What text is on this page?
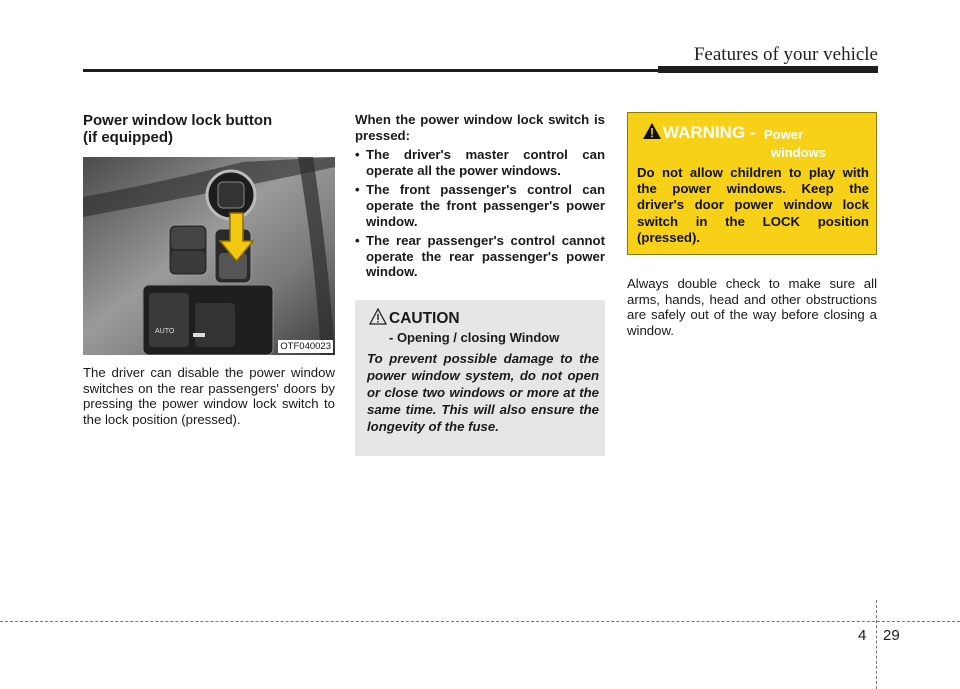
Features of your vehicle
Power window lock button
(if equipped)
AUTO
OTF040023

The driver can disable the power window switches on the rear passengers' doors by pressing the power window lock switch to the lock position (pressed).

When the power window lock switch is pressed:

• The driver's master control can operate all the power windows.
• The front passenger's control can operate the front passenger's power window.
• The rear passenger's control cannot operate the rear passenger's power window.
CAUTION
- Opening / closing Window

To prevent possible damage to the power window system, do not open or close two windows or more at the same time. This will also ensure the longevity of the fuse.

WARNING - Power
windows

Do not allow children to play with the power windows. Keep the driver's door power window lock switch in the LOCK position (pressed).

Always double check to make sure all arms, hands, head and other obstructions are safely out of the way before closing a window.

4 29
